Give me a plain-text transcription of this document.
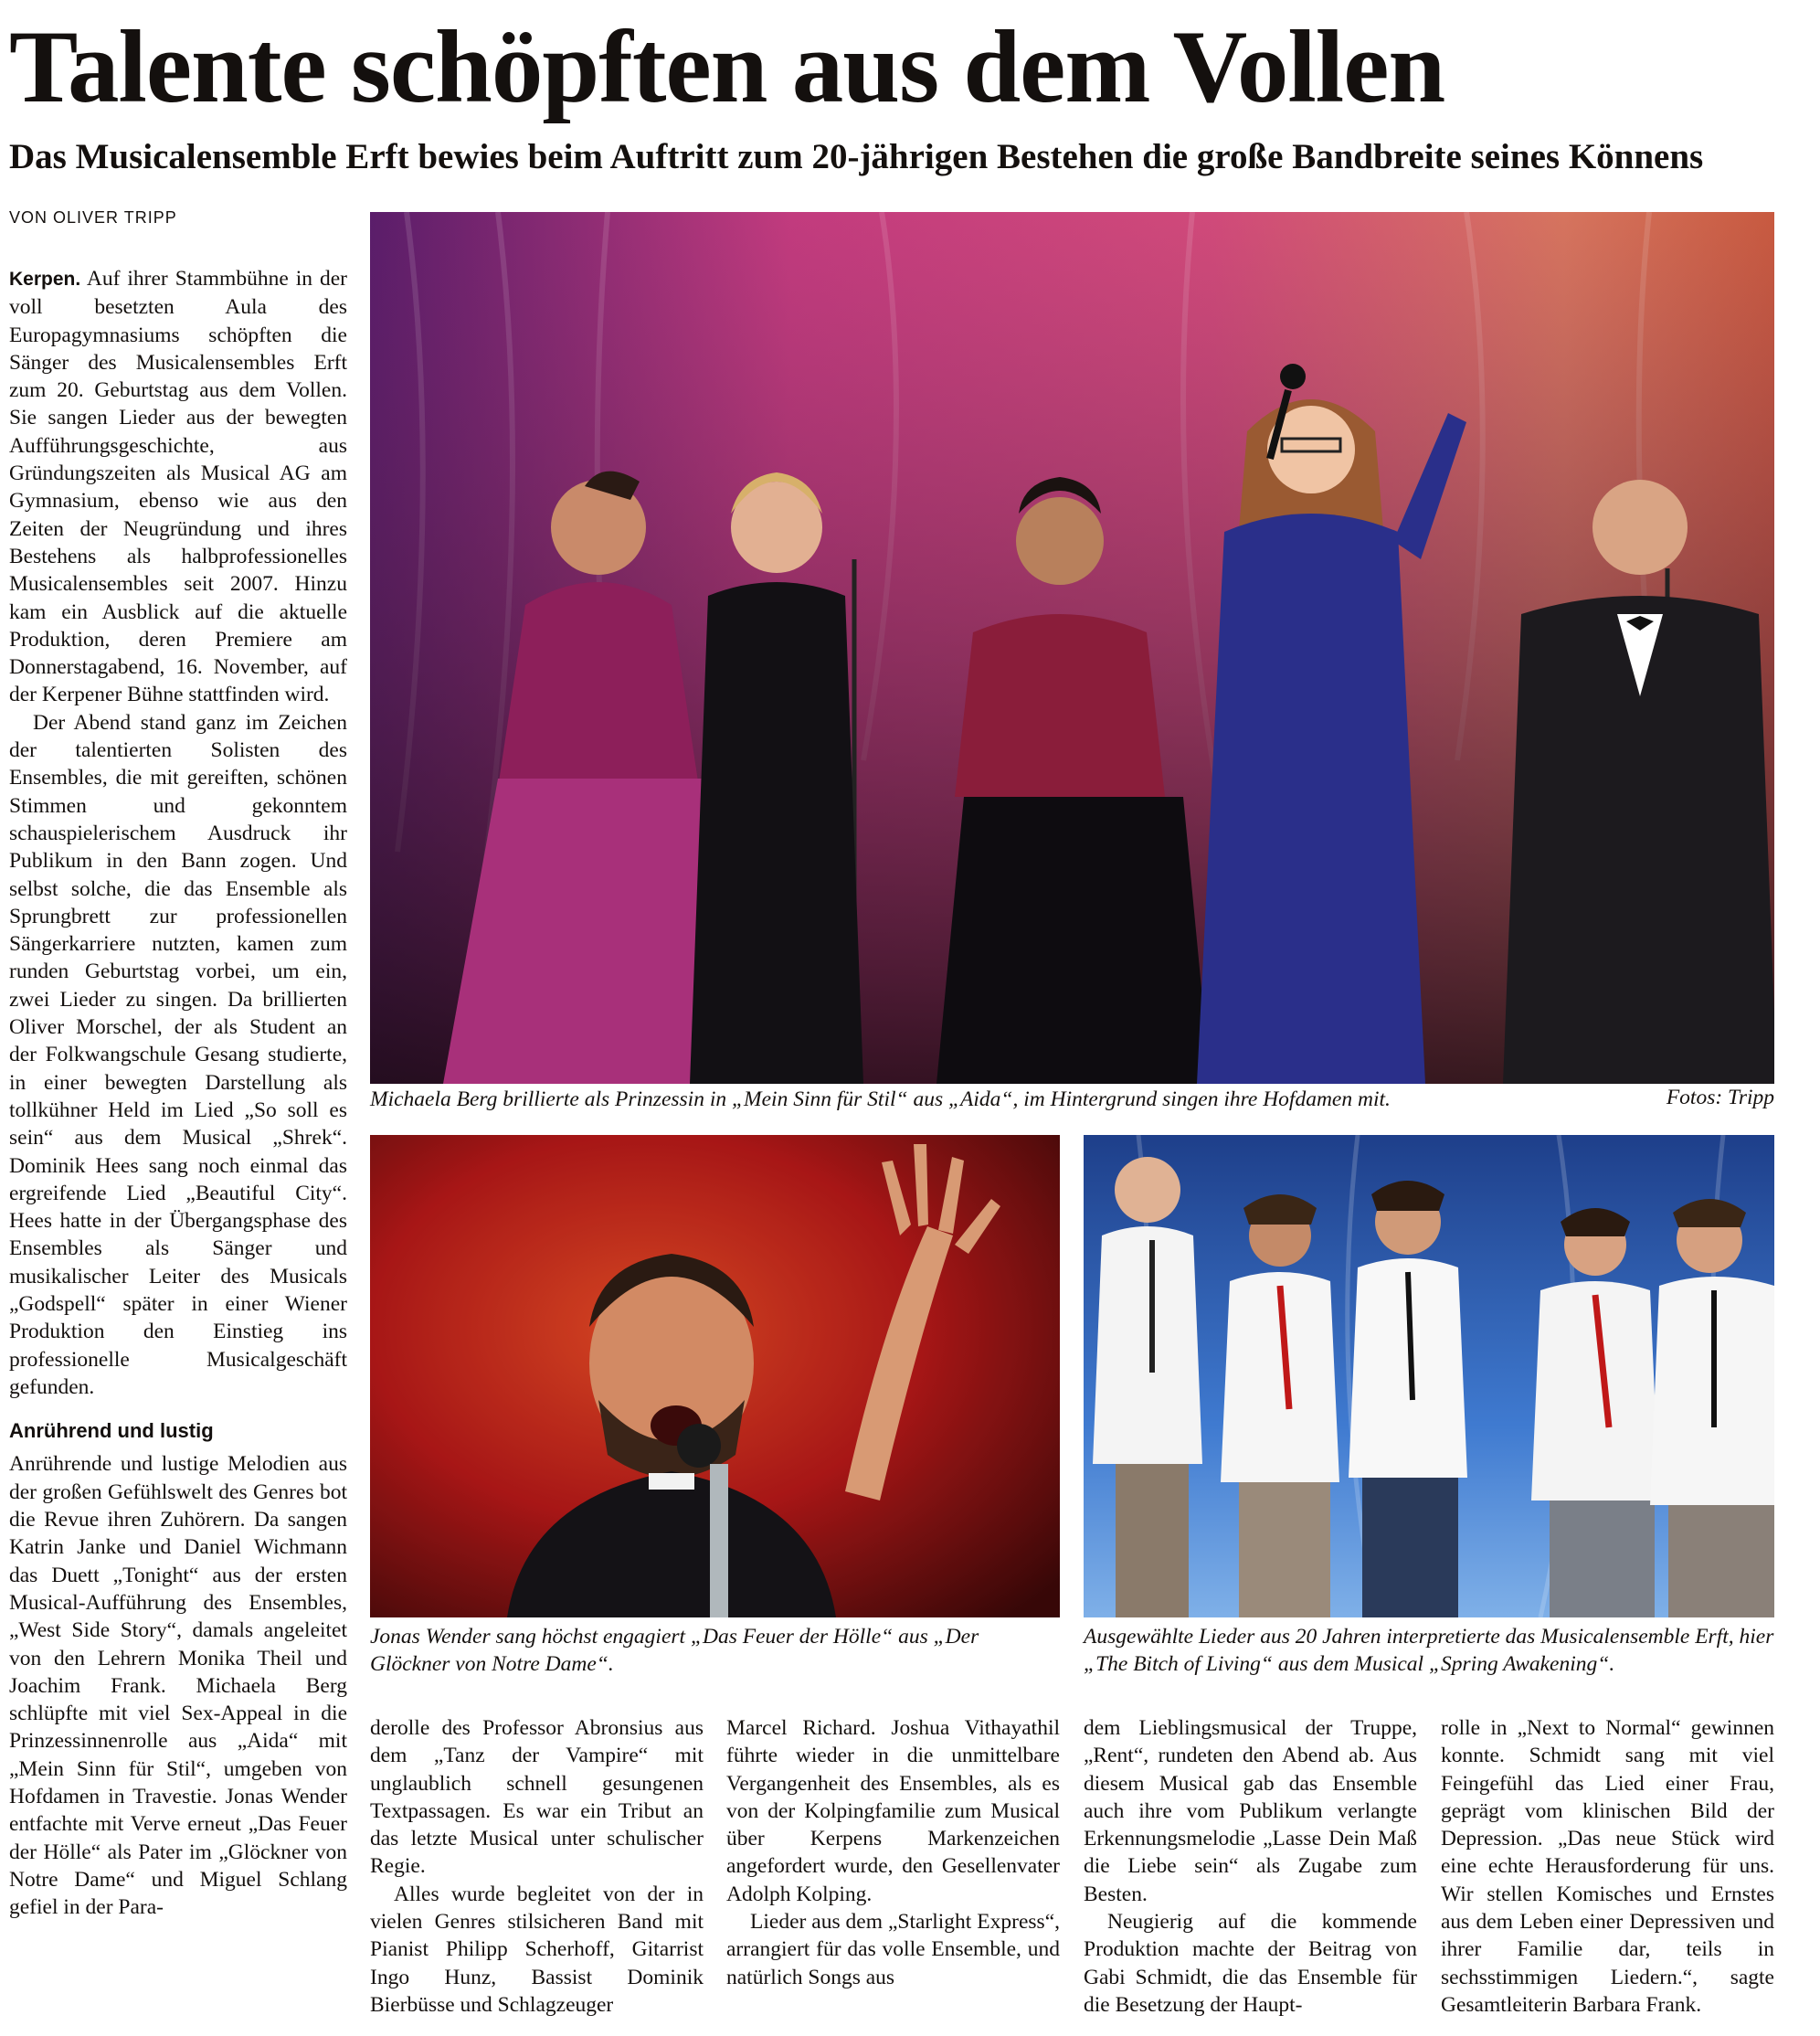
Talente schöpften aus dem Vollen
Das Musicalensemble Erft bewies beim Auftritt zum 20-jährigen Bestehen die große Bandbreite seines Könnens
VON OLIVER TRIPP

Kerpen. Auf ihrer Stammbühne in der voll besetzten Aula des Europagymnasiums schöpften die Sänger des Musicalensembles Erft zum 20. Geburtstag aus dem Vollen. Sie sangen Lieder aus der bewegten Aufführungsgeschichte, aus Gründungszeiten als Musical AG am Gymnasium, ebenso wie aus den Zeiten der Neugründung und ihres Bestehens als halbprofessionelles Musicalensembles seit 2007. Hinzu kam ein Ausblick auf die aktuelle Produktion, deren Premiere am Donnerstagabend, 16. November, auf der Kerpener Bühne stattfinden wird.

Der Abend stand ganz im Zeichen der talentierten Solisten des Ensembles, die mit gereiften, schönen Stimmen und gekonntem schauspielerischem Ausdruck ihr Publikum in den Bann zogen. Und selbst solche, die das Ensemble als Sprungbrett zur professionellen Sängerkarriere nutzten, kamen zum runden Geburtstag vorbei, um ein, zwei Lieder zu singen. Da brillierten Oliver Morschel, der als Student an der Folkwangschule Gesang studierte, in einer bewegten Darstellung als tollkühner Held im Lied „So soll es sein“ aus dem Musical „Shrek“. Dominik Hees sang noch einmal das ergreifende Lied „Beautiful City“. Hees hatte in der Übergangsphase des Ensembles als Sänger und musikalischer Leiter des Musicals „Godspell“ später in einer Wiener Produktion den Einstieg ins professionelle Musicalgeschäft gefunden.

Anrührend und lustig

Anrührende und lustige Melodien aus der großen Gefühlswelt des Genres bot die Revue ihren Zuhörern. Da sangen Katrin Janke und Daniel Wichmann das Duett „Tonight“ aus der ersten Musical-Aufführung des Ensembles, „West Side Story“, damals angeleitet von den Lehrern Monika Theil und Joachim Frank. Michaela Berg schlüpfte mit viel Sex-Appeal in die Prinzessinnenrolle aus „Aida“ mit „Mein Sinn für Stil“, umgeben von Hofdamen in Travestie. Jonas Wender entfachte mit Verve erneut „Das Feuer der Hölle“ als Pater im „Glöckner von Notre Dame“ und Miguel Schlang gefiel in der Para-

Michaela Berg brillierte als Prinzessin in „Mein Sinn für Stil“ aus „Aida“, im Hintergrund singen ihre Hofdamen mit.	Fotos: Tripp
Jonas Wender sang höchst engagiert „Das Feuer der Hölle“ aus „Der Glöckner von Notre Dame“.
Ausgewählte Lieder aus 20 Jahren interpretierte das Musicalensemble Erft, hier „The Bitch of Living“ aus dem Musical „Spring Awakening“.

derolle des Professor Abronsius aus dem „Tanz der Vampire“ mit unglaublich schnell gesungenen Textpassagen. Es war ein Tribut an das letzte Musical unter schulischer Regie.

Alles wurde begleitet von der in vielen Genres stilsicheren Band mit Pianist Philipp Scherhoff, Gitarrist Ingo Hunz, Bassist Dominik Bierbüsse und Schlagzeuger

Marcel Richard. Joshua Vithayathil führte wieder in die unmittelbare Vergangenheit des Ensembles, als es von der Kolpingfamilie zum Musical über Kerpens Markenzeichen angefordert wurde, den Gesellenvater Adolph Kolping.

Lieder aus dem „Starlight Express“, arrangiert für das volle Ensemble, und natürlich Songs aus

dem Lieblingsmusical der Truppe, „Rent“, rundeten den Abend ab. Aus diesem Musical gab das Ensemble auch ihre vom Publikum verlangte Erkennungsmelodie „Lasse Dein Maß die Liebe sein“ als Zugabe zum Besten.

Neugierig auf die kommende Produktion machte der Beitrag von Gabi Schmidt, die das Ensemble für die Besetzung der Haupt-

rolle in „Next to Normal“ gewinnen konnte. Schmidt sang mit viel Feingefühl das Lied einer Frau, geprägt vom klinischen Bild der Depression. „Das neue Stück wird eine echte Herausforderung für uns. Wir stellen Komisches und Ernstes aus dem Leben einer Depressiven und ihrer Familie dar, teils in sechsstimmigen Liedern.“, sagte Gesamtleiterin Barbara Frank.
